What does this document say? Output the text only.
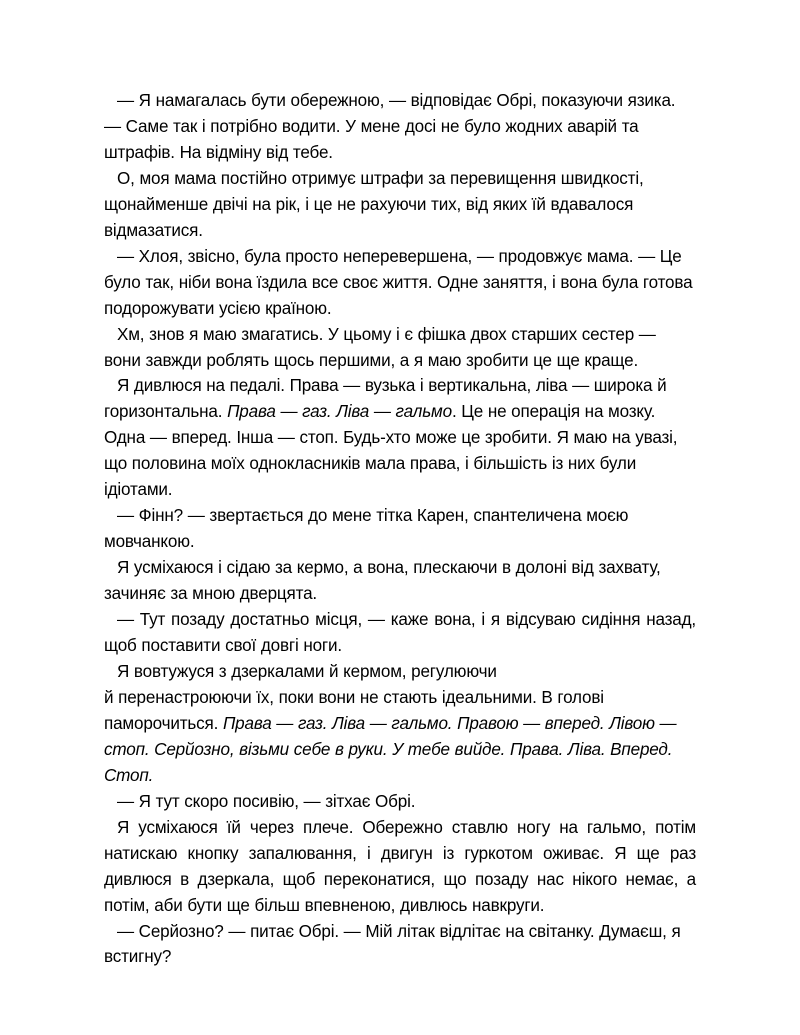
— Я намагалась бути обережною, — відповідає Обрі, показуючи язика. — Саме так і потрібно водити. У мене досі не було жодних аварій та штрафів. На відміну від тебе.

О, моя мама постійно отримує штрафи за перевищення швидкості, щонайменше двічі на рік, і це не рахуючи тих, від яких їй вдавалося відмазатися.

— Хлоя, звісно, була просто неперевершена, — продовжує мама. — Це було так, ніби вона їздила все своє життя. Одне заняття, і вона була готова подорожувати усією країною.

Хм, знов я маю змагатись. У цьому і є фішка двох старших сестер — вони завжди роблять щось першими, а я маю зробити це ще краще.

Я дивлюся на педалі. Права — вузька і вертикальна, ліва — широка й горизонтальна. Права — газ. Ліва — гальмо. Це не операція на мозку. Одна — вперед. Інша — стоп. Будь-хто може це зробити. Я маю на увазі, що половина моїх однокласників мала права, і більшість із них були ідіотами.

— Фінн? — звертається до мене тітка Карен, спантеличена моєю мовчанкою.

Я усміхаюся і сідаю за кермо, а вона, плескаючи в долоні від захвату, зачиняє за мною дверцята.

— Тут позаду достатньо місця, — каже вона, і я відсуваю сидіння назад, щоб поставити свої довгі ноги.

Я вовтужуся з дзеркалами й кермом, регулюючи
й перенастроюючи їх, поки вони не стають ідеальними. В голові паморочиться. Права — газ. Ліва — гальмо. Правою — вперед. Лівою — стоп. Серйозно, візьми себе в руки. У тебе вийде. Права. Ліва. Вперед. Стоп.

— Я тут скоро посивію, — зітхає Обрі.

Я усміхаюся їй через плече. Обережно ставлю ногу на гальмо, потім натискаю кнопку запалювання, і двигун із гуркотом оживає. Я ще раз дивлюся в дзеркала, щоб переконатися, що позаду нас нікого немає, а потім, аби бути ще більш впевненою, дивлюсь навкруги.

— Серйозно? — питає Обрі. — Мій літак відлітає на світанку. Думаєш, я встигну?
